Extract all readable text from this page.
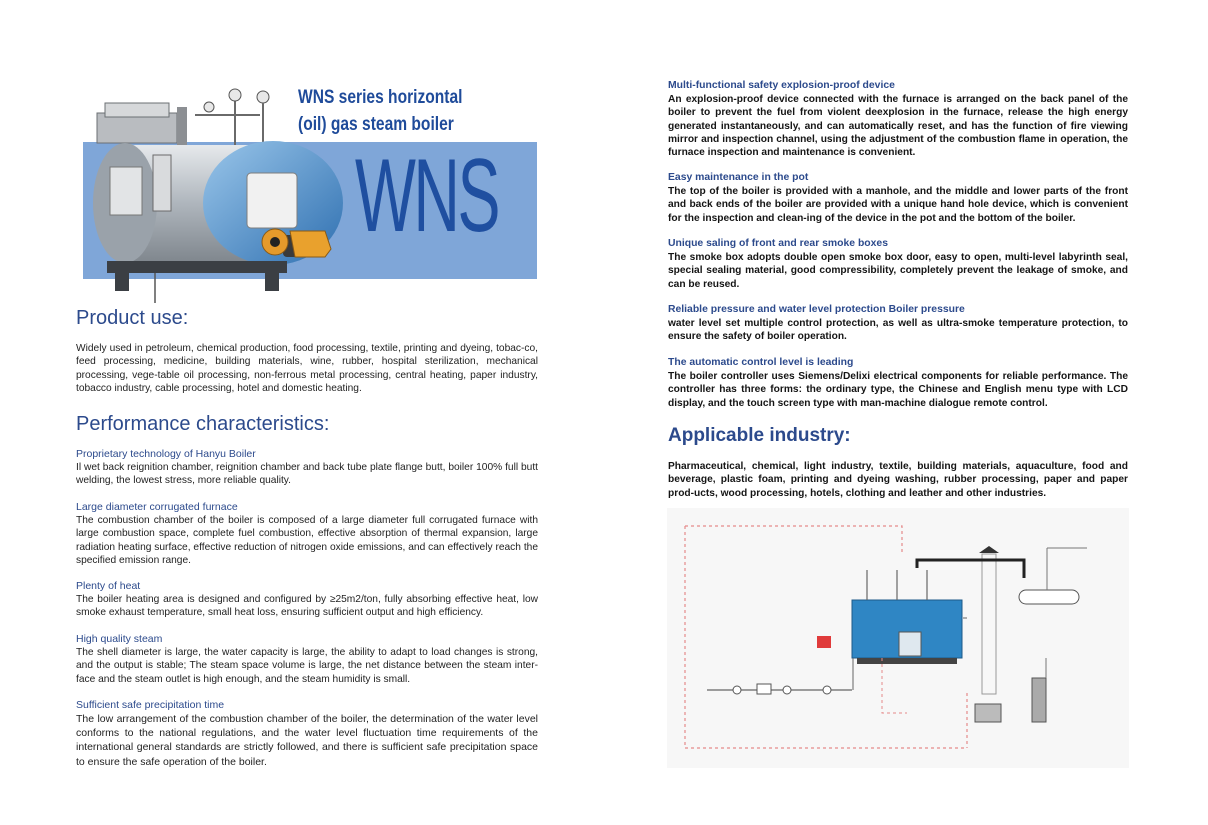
WNS
WNS series horizontal
(oil) gas steam boiler
Product use:

Widely used in petroleum, chemical production, food processing, textile, printing and dyeing, tobac-co, feed processing, medicine, building materials, wine, rubber, hospital sterilization, mechanical processing, vege-table oil processing, non-ferrous metal processing, central heating, paper industry, tobacco industry, cable processing, hotel and domestic heating.

Performance characteristics:
Proprietary technology of Hanyu Boiler

Il wet back reignition chamber, reignition chamber and back tube plate flange butt, boiler 100% full butt welding, the lowest stress, more reliable quality.

Large diameter corrugated furnace

The combustion chamber of the boiler is composed of a large diameter full corrugated furnace with large combustion space, complete fuel combustion, effective absorption of thermal expansion, large radiation heating surface, effective reduction of nitrogen oxide emissions, and can effectively reach the specified emission range.

Plenty of heat

The boiler heating area is designed and configured by ≥25m2/ton, fully absorbing effective heat, low smoke exhaust temperature, small heat loss, ensuring sufficient output and high efficiency.

High quality steam

The shell diameter is large, the water capacity is large, the ability to adapt to load changes is strong, and the output is stable; The steam space volume is large, the net distance between the steam inter-face and the steam outlet is high enough, and the steam humidity is small.

Sufficient safe precipitation time

The low arrangement of the combustion chamber of the boiler, the determination of the water level conforms to the national regulations, and the water level fluctuation time requirements of the international general standards are strictly followed, and there is sufficient safe precipitation space to ensure the safe operation of the boiler.

Multi-functional safety explosion-proof device

An explosion-proof device connected with the furnace is arranged on the back panel of the boiler to prevent the fuel from violent deexplosion in the furnace, release the high energy generated instantaneously, and can automatically reset, and has the function of fire viewing mirror and inspection channel, using the adjustment of the combustion flame in operation, the furnace inspection and maintenance is convenient.

Easy maintenance in the pot

The top of the boiler is provided with a manhole, and the middle and lower parts of the front and back ends of the boiler are provided with a unique hand hole device, which is convenient for the inspection and clean-ing of the device in the pot and the bottom of the boiler.

Unique saling of front and rear smoke boxes

The smoke box adopts double open smoke box door, easy to open, multi-level labyrinth seal, special sealing material, good compressibility, completely prevent the leakage of smoke, and can be reused.

Reliable pressure and water level protection Boiler pressure

water level set multiple control protection, as well as ultra-smoke temperature protection, to ensure the safety of boiler operation.

The automatic control level is leading

The boiler controller uses Siemens/Delixi electrical components for reliable performance. The controller has three forms: the ordinary type, the Chinese and English menu type with LCD display, and the touch screen type with man-machine dialogue remote control.

Applicable industry:

Pharmaceutical, chemical, light industry, textile, building materials, aquaculture, food and beverage, plastic foam, printing and dyeing washing, rubber processing, paper and paper prod-ucts, wood processing, hotels, clothing and leather and other industries.
